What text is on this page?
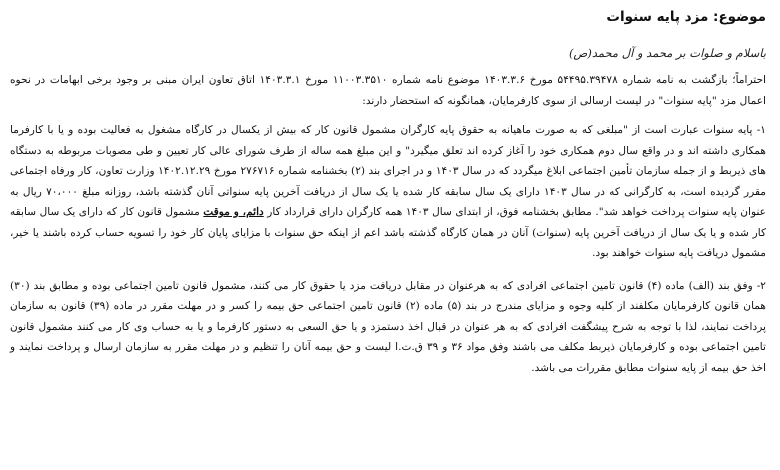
موضوع: مزد پایه سنوات
باسلام و صلوات بر محمد و آل محمد(ص)
احتراماً؛ بازگشت به نامه شماره ۵۴۴۹۵.۳۹۴۷۸ مورخ ۱۴۰۳.۳.۶ موضوع نامه شماره ۱۱۰۰۳.۳۵۱۰ مورخ ۱۴۰۳.۳.۱ اتاق تعاون ایران مبنی بر وجود برخی ابهامات در نحوه اعمال مزد "پایه سنوات" در لیست ارسالی از سوی کارفرمایان، همانگونه که استحضار دارند:
۱- پایه سنوات عبارت است از "مبلغی که به صورت ماهیانه به حقوق پایه کارگران مشمول قانون کار که بیش از یکسال در کارگاه مشغول به فعالیت بوده و یا با کارفرما همکاری داشته اند و در واقع سال دوم همکاری خود را آغاز کرده اند تعلق میگیرد" و این مبلغ همه ساله از طرف شورای عالی کار تعیین و طی مصوبات مربوطه به دستگاه های ذیربط و از جمله سازمان تأمین اجتماعی ابلاغ میگردد که در سال ۱۴۰۳ و در اجرای بند (۲) بخشنامه شماره ۲۷۶۷۱۶ مورخ ۱۴۰۲.۱۲.۲۹ وزارت تعاون، کار ورفاه اجتماعی مقرر گردیده است، به کارگرانی که در سال ۱۴۰۳ دارای یک سال سابقه کار شده یا یک سال از دریافت آخرین پایه سنواتی آنان گذشته باشد، روزانه مبلغ ۷۰،۰۰۰ ریال به عنوان پایه سنوات پرداخت خواهد شد". مطابق بخشنامه فوق، از ابتدای سال ۱۴۰۳ همه کارگران دارای قرارداد کار دائم، و موقت مشمول قانون کار که دارای یک سال سابقه کار شده و یا یک سال از دریافت آخرین پایه (سنوات) آنان در همان کارگاه گذشته باشد اعم از اینکه حق سنوات با مزایای پایان کار خود را تسویه حساب کرده باشند یا خیر، مشمول دریافت پایه سنوات خواهند بود.
۲- وفق بند (الف) ماده (۴) قانون تامین اجتماعی افرادی که به هرعنوان در مقابل دریافت مزد یا حقوق کار می کنند، مشمول قانون تامین اجتماعی بوده و مطابق بند (۳۰) همان قانون کارفرمایان مکلفند از کلیه وجوه و مزایای مندرج در بند (۵) ماده (۲) قانون تامین اجتماعی حق بیمه را کسر و در مهلت مقرر در ماده (۳۹) قانون به سازمان پرداخت نمایند، لذا با توجه به شرح پیشگفت افرادی که به هر عنوان در قبال اخذ دستمزد و یا حق السعی به دستور کارفرما و یا به حساب وی کار می کنند مشمول قانون تامین اجتماعی بوده و کارفرمایان ذیربط مکلف می باشند وفق مواد ۳۶ و ۳۹ ق.ت.ا لیست و حق بیمه آنان را تنظیم و در مهلت مقرر به سازمان ارسال و پرداخت نمایند و اخذ حق بیمه از پایه سنوات مطابق مقررات می باشد.
